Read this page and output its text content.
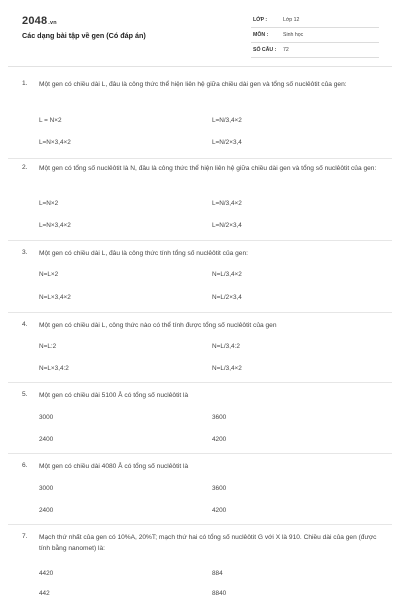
2048.vn
Các dạng bài tập về gen (Có đáp án)
LỚP :	Lớp 12
MÔN :	Sinh học
SỐ CÂU : 72
1. Một gen có chiều dài L, đâu là công thức thể hiện liên hệ giữa chiều dài gen và tổng số nuclêôtit của gen:
L = N×2	L=N/3,4×2
L=N×3,4×2	L=N/2×3,4
2. Một gen có tổng số nuclêôtit là N, đâu là công thức thể hiện liên hệ giữa chiều dài gen và tổng số nuclêôtit của gen:
L=N×2	L=N/3,4×2
L=N×3,4×2	L=N/2×3,4
3. Một gen có chiều dài L, đâu là công thức tính tổng số nuclêôtit của gen:
N=L×2	N=L/3,4×2
N=L×3,4×2	N=L/2×3,4
4. Một gen có chiều dài L, công thức nào có thể tính được tổng số nuclêôtit của gen
N=L:2	N=L/3,4:2
N=L×3,4:2	N=L/3,4×2
5. Một gen có chiều dài 5100 Å có tổng số nuclêôtit là
3000	3600
2400	4200
6. Một gen có chiều dài 4080 Å có tổng số nuclêôtit là
3000	3600
2400	4200
7. Mạch thứ nhất của gen có 10%A, 20%T; mạch thứ hai có tổng số nuclêôtit G với X là 910. Chiều dài của gen (được tính bằng nanomet) là:
4420	884
442	8840
